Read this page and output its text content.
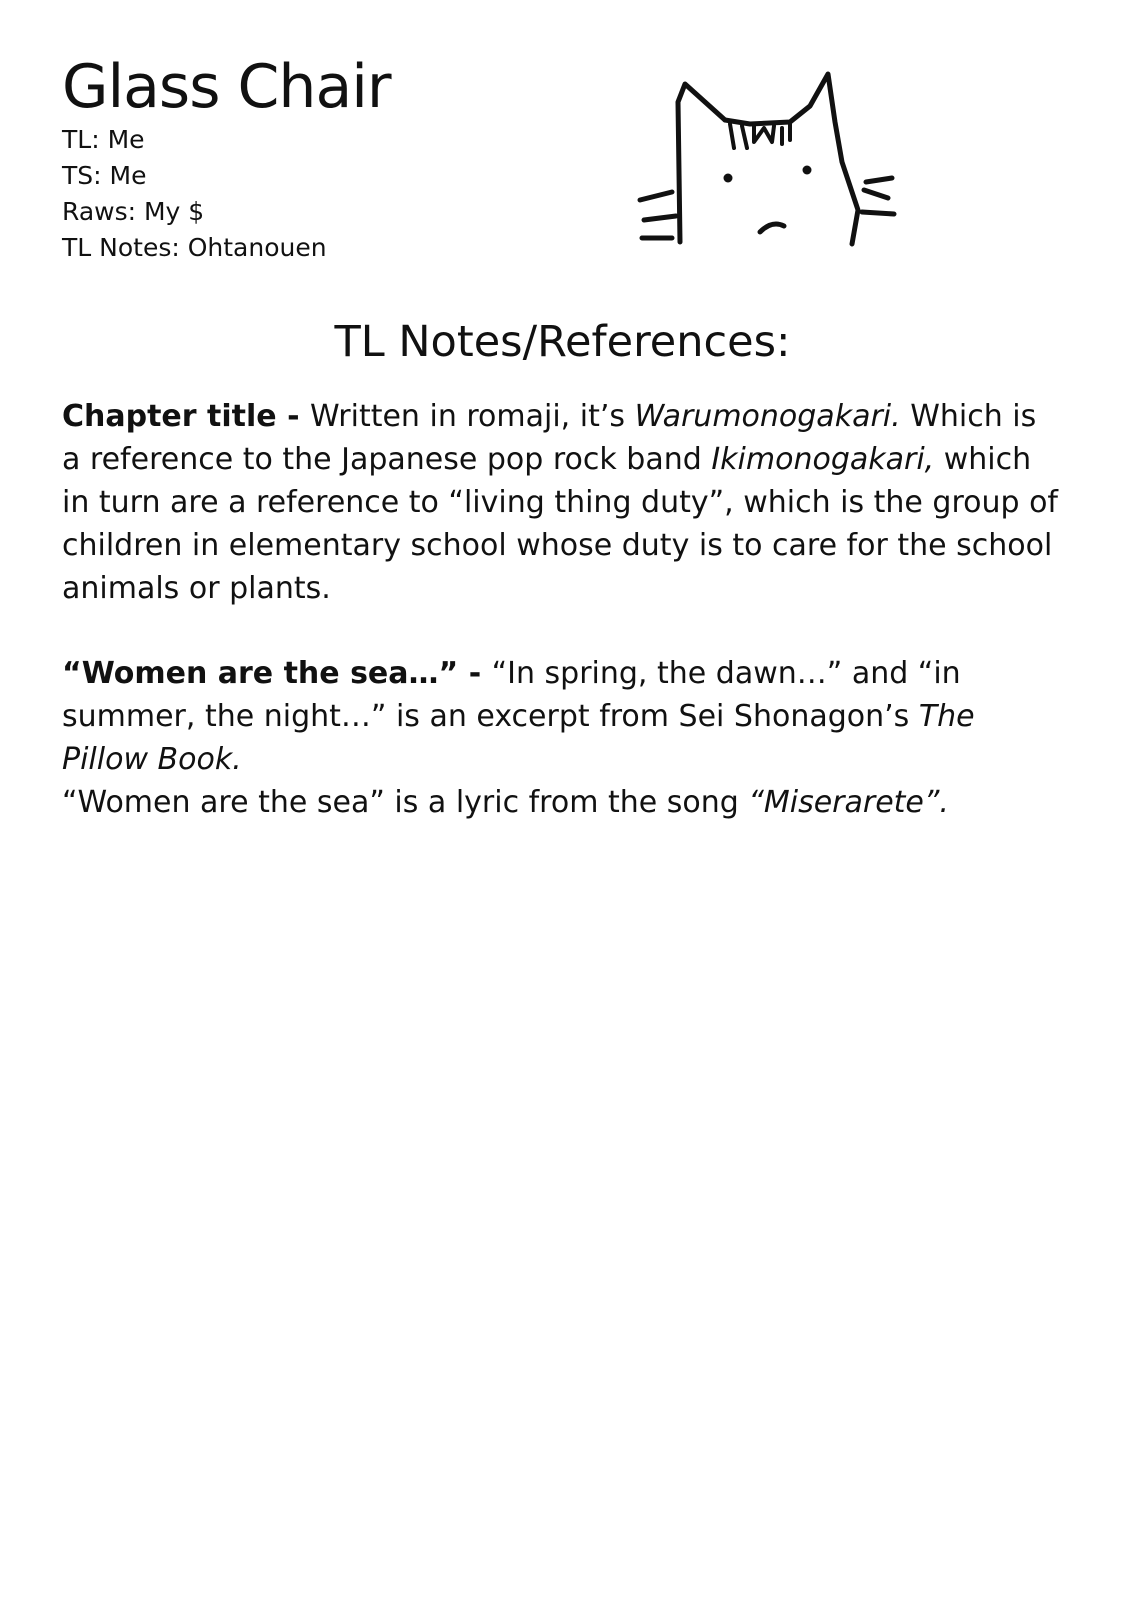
Glass Chair
TL: Me
TS: Me
Raws: My $
TL Notes: Ohtanouen
TL Notes/References:

Chapter title - Written in romaji, it’s Warumonogakari. Which is a reference to the Japanese pop rock band Ikimonogakari, which in turn are a reference to “living thing duty”, which is the group of children in elementary school whose duty is to care for the school animals or plants.

“Women are the sea…” - “In spring, the dawn…” and “in summer, the night…” is an excerpt from Sei Shonagon’s The Pillow Book.

“Women are the sea” is a lyric from the song “Miserarete”.
